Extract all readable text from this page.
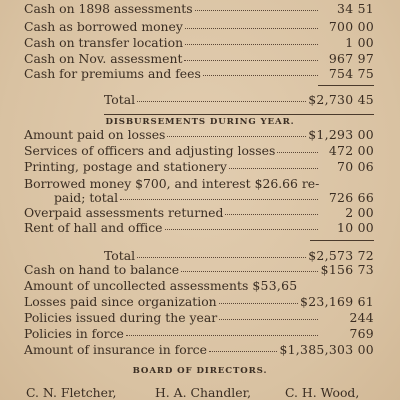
Cash on 1898 assessments	34 51
Cash as borrowed money	700 00
Cash on transfer location	1 00
Cash on Nov. assessment	967 97
Cash for premiums and fees	754 75
Total	$2,730 45
DISBURSEMENTS DURING YEAR.
Amount paid on losses	$1,293 00
Services of officers and adjusting losses	472 00
Printing, postage and stationery	70 06
Borrowed money $700, and interest $26.66 re-
paid; total	726 66
Overpaid assessments returned	2 00
Rent of hall and office	10 00
Total	$2,573 72
Cash on hand to balance	$156 73
Amount of uncollected assessments $53,65
Losses paid since organization	$23,169 61
Policies issued during the year	244
Policies in force	769
Amount of insurance in force	$1,385,303 00
BOARD OF DIRECTORS.
C. N. Fletcher,	H. A. Chandler,	C. H. Wood,
